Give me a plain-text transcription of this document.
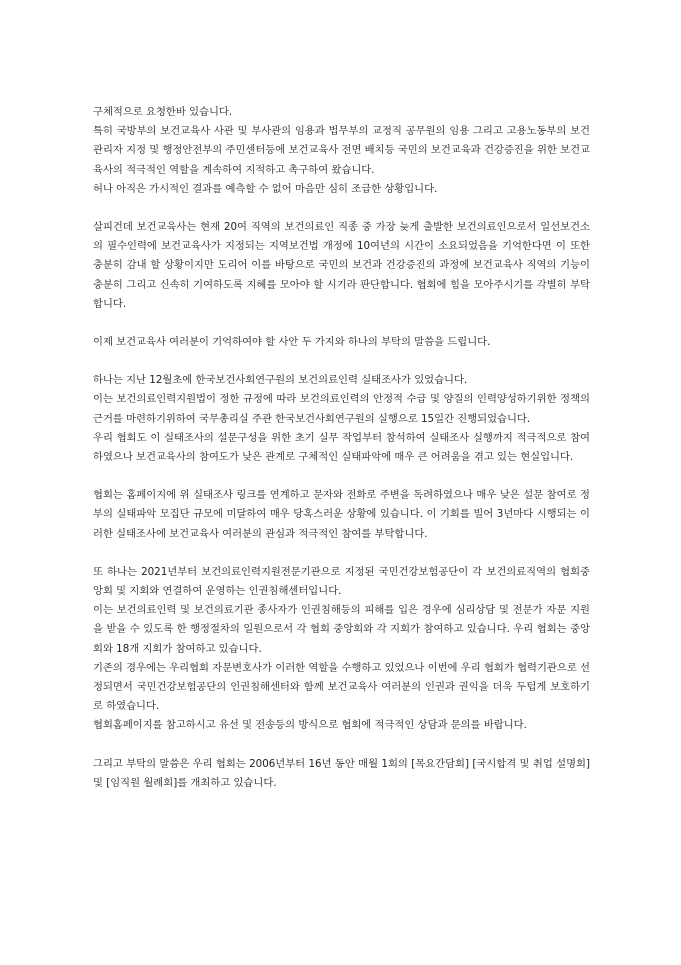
구체적으로 요청한바 있습니다.
특히 국방부의 보건교육사 사관 및 부사관의 임용과 법무부의 교정직 공무원의 임용 그리고 고용노동부의 보건관리자 지정 및 행정안전부의 주민센터등에 보건교육사 전면 배치등 국민의 보건교육과 건강증진을 위한 보건교육사의 적극적인 역할을 계속하여 지적하고 촉구하여 왔습니다.
허나 아직은 가시적인 결과를 예측할 수 없어 마음만 심히 조급한 상황입니다.
살피건데 보건교육사는 현재 20여 직역의 보건의료인 직종 중 가장 늦게 출발한 보건의료인으로서 일선보건소의 필수인력에 보건교육사가 지정되는 지역보건법 개정에 10여년의 시간이 소요되었음을 기억한다면 이 또한 충분히 감내 할 상황이지만 도리어 이를 바탕으로 국민의 보건과 건강증진의 과정에 보건교육사 직역의 기능이 충분히 그리고 신속히 기여하도록 지혜를 모아야 할 시기라 판단합니다. 협회에 힘을 모아주시기를 각별히 부탁합니다.
이제 보건교육사 여러분이 기억하여야 할 사안 두 가지와 하나의 부탁의 말씀을 드립니다.
하나는 지난 12월초에 한국보건사회연구원의 보건의료인력 실태조사가 있었습니다.
이는 보건의료인력지원법이 정한 규정에 따라 보건의료인력의 안정적 수급 및 양질의 인력양성하기위한 정책의 근거를 마련하기위하여 국무총리실 주관 한국보건사회연구원의 실행으로 15일간 진행되었습니다.
우리 협회도 이 실태조사의 설문구성을 위한 초기 실무 작업부터 참석하여 실태조사 실행까지 적극적으로 참여하였으나 보건교육사의 참여도가 낮은 관계로 구체적인 실태파악에 매우 큰 어려움을 겪고 있는 현실입니다.
협회는 홈페이지에 위 실태조사 링크를 연계하고 문자와 전화로 주변을 독려하였으나 매우 낮은 설문 참여로 정부의 실태파악 모집단 규모에 미달하여 매우 당혹스러운 상황에 있습니다. 이 기회를 빌어 3년마다 시행되는 이러한 실태조사에 보건교육사 여러분의 관심과 적극적인 참여를 부탁합니다.
또 하나는 2021년부터 보건의료인력지원전문기관으로 지정된 국민건강보험공단이 각 보건의료직역의 협회중앙회 및 지회와 연결하여 운영하는 인권침해센터입니다.
이는 보건의료인력 및 보건의료기관 종사자가 인권침해등의 피해를 입은 경우에 심리상담 및 전문가 자문 지원을 받을 수 있도록 한 행정절차의 일원으로서 각 협회 중앙회와 각 지회가 참여하고 있습니다. 우리 협회는 중앙회와 18개 지회가 참여하고 있습니다.
기존의 경우에는 우리협회 자문변호사가 이러한 역할을 수행하고 있었으나 이번에 우리 협회가 협력기관으로 선정되면서 국민건강보험공단의 인권침해센터와 함께 보건교육사 여러분의 인권과 권익을 더욱 두텁게 보호하기로 하였습니다.
협회홈페이지를 참고하시고 유선 및 전송등의 방식으로 협회에 적극적인 상담과 문의를 바랍니다.
그리고 부탁의 말씀은 우리 협회는 2006년부터 16년 동안 매월 1회의 [목요간담회] [국시합격 및 취업 설명회] 및 [임직원 월례회]를 개최하고 있습니다.
